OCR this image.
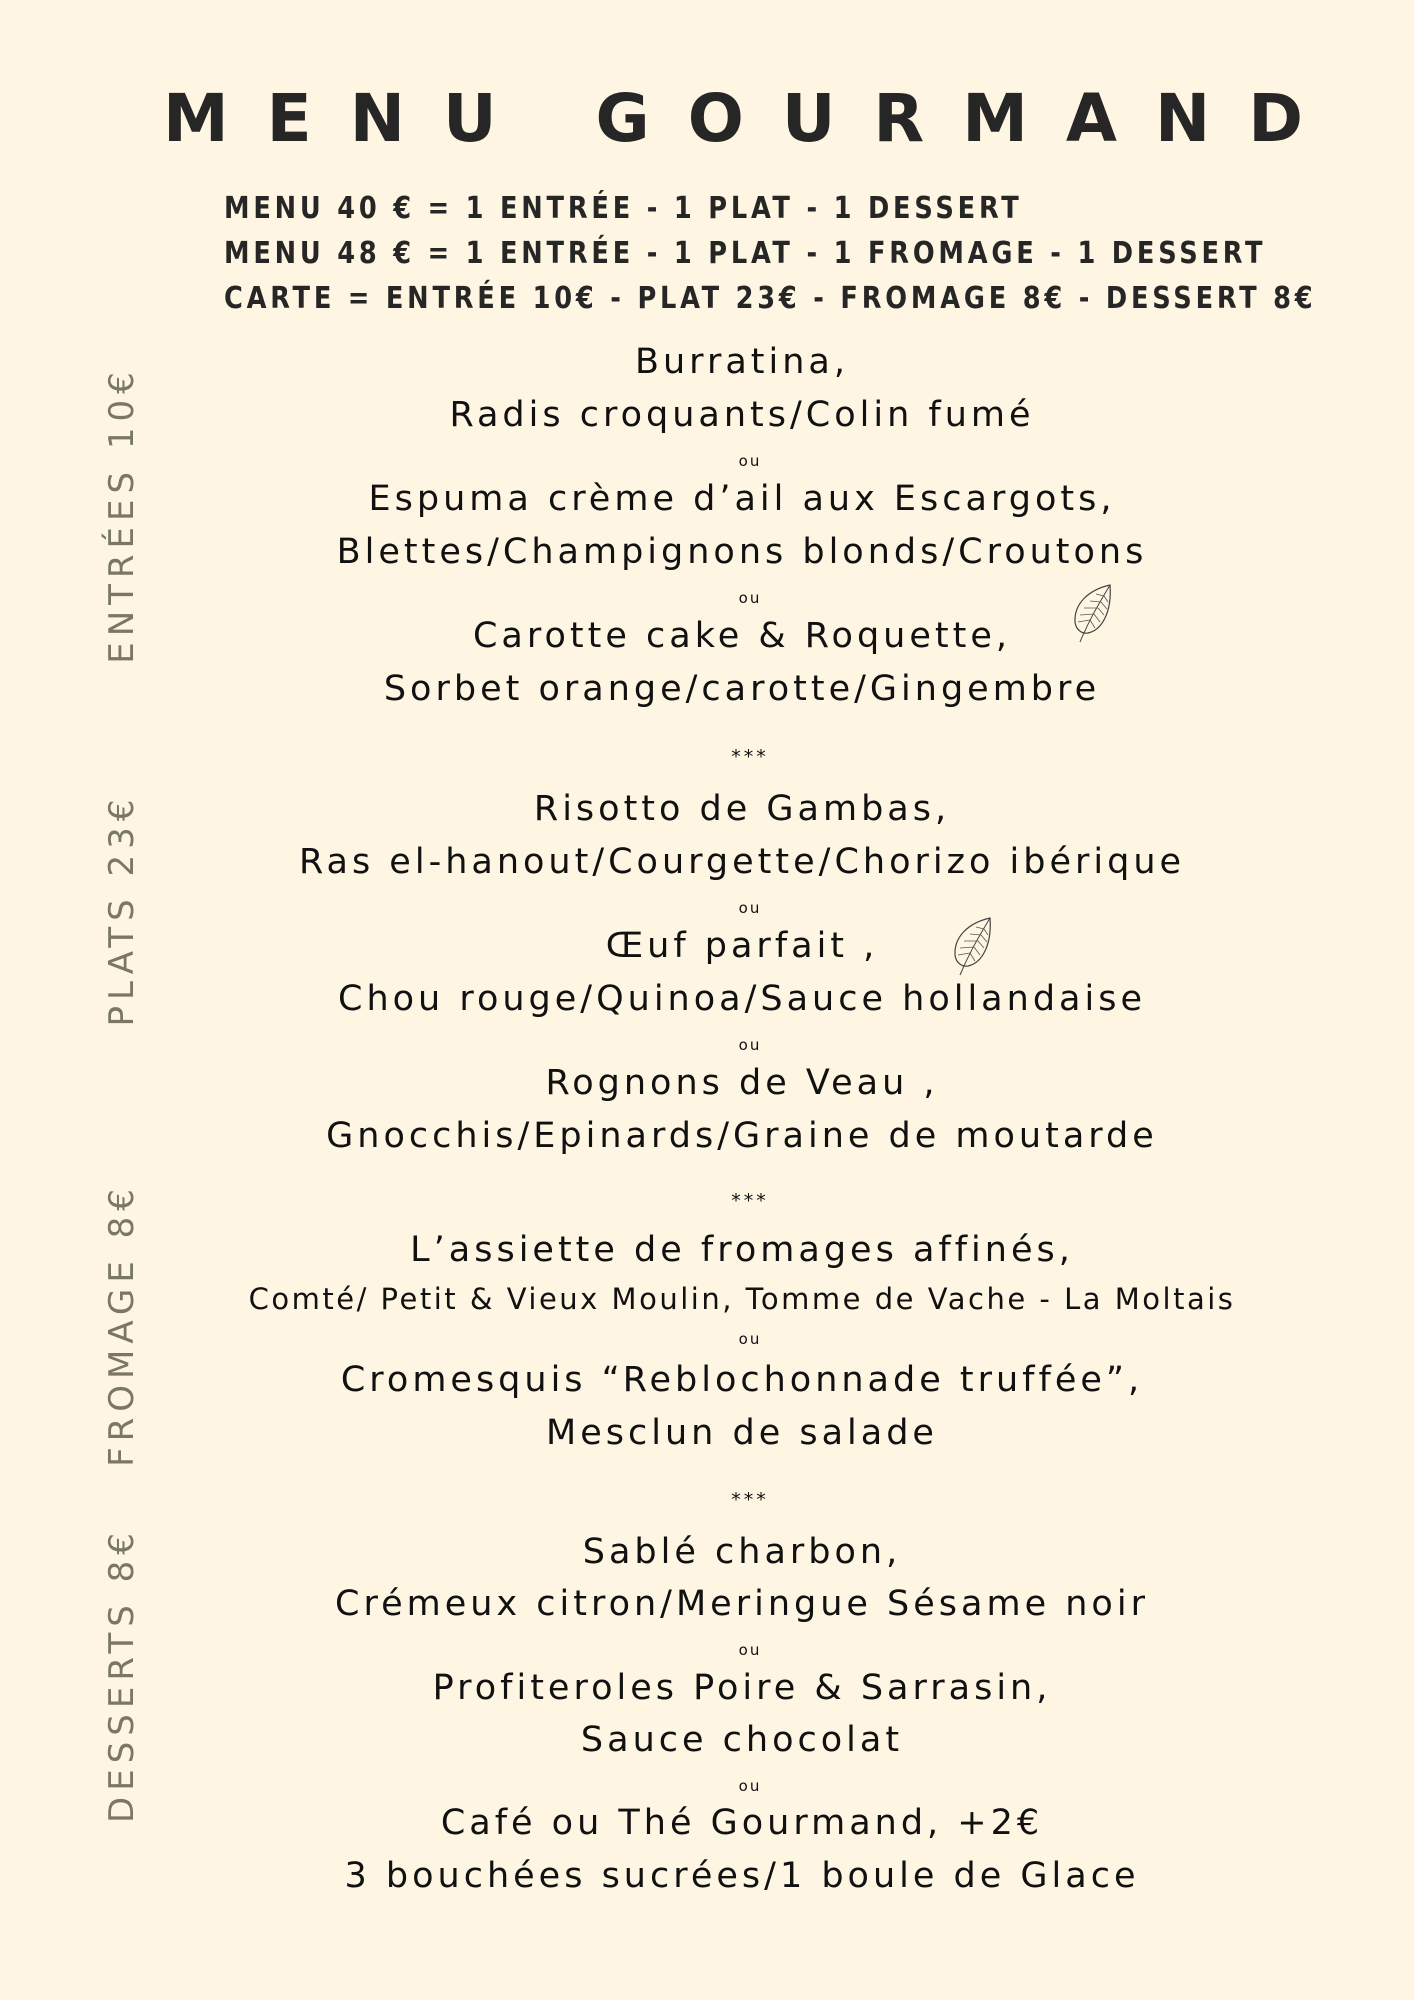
MENU GOURMAND
MENU 40 € = 1 ENTRÉE - 1 PLAT - 1 DESSERT
MENU 48 € = 1 ENTRÉE - 1 PLAT - 1 FROMAGE - 1 DESSERT
CARTE = ENTRÉE 10€ - PLAT 23€ - FROMAGE 8€ - DESSERT 8€
ENTRÉES 10€
PLATS 23€
FROMAGE 8€
DESSERTS 8€
Burratina,
Radis croquants/Colin fumé
ou
Espuma crème d’ail aux Escargots,
Blettes/Champignons blonds/Croutons
ou
Carotte cake & Roquette,
Sorbet orange/carotte/Gingembre
***
Risotto de Gambas,
Ras el-hanout/Courgette/Chorizo ibérique
ou
Œuf parfait ,
Chou rouge/Quinoa/Sauce hollandaise
ou
Rognons de Veau ,
Gnocchis/Epinards/Graine de moutarde
***
L’assiette de fromages affinés,
Comté/ Petit & Vieux Moulin, Tomme de Vache - La Moltais
ou
Cromesquis “Reblochonnade truffée”,
Mesclun de salade
***
Sablé charbon,
Crémeux citron/Meringue Sésame noir
ou
Profiteroles Poire & Sarrasin,
Sauce chocolat
ou
Café ou Thé Gourmand, +2€
3 bouchées sucrées/1 boule de Glace
